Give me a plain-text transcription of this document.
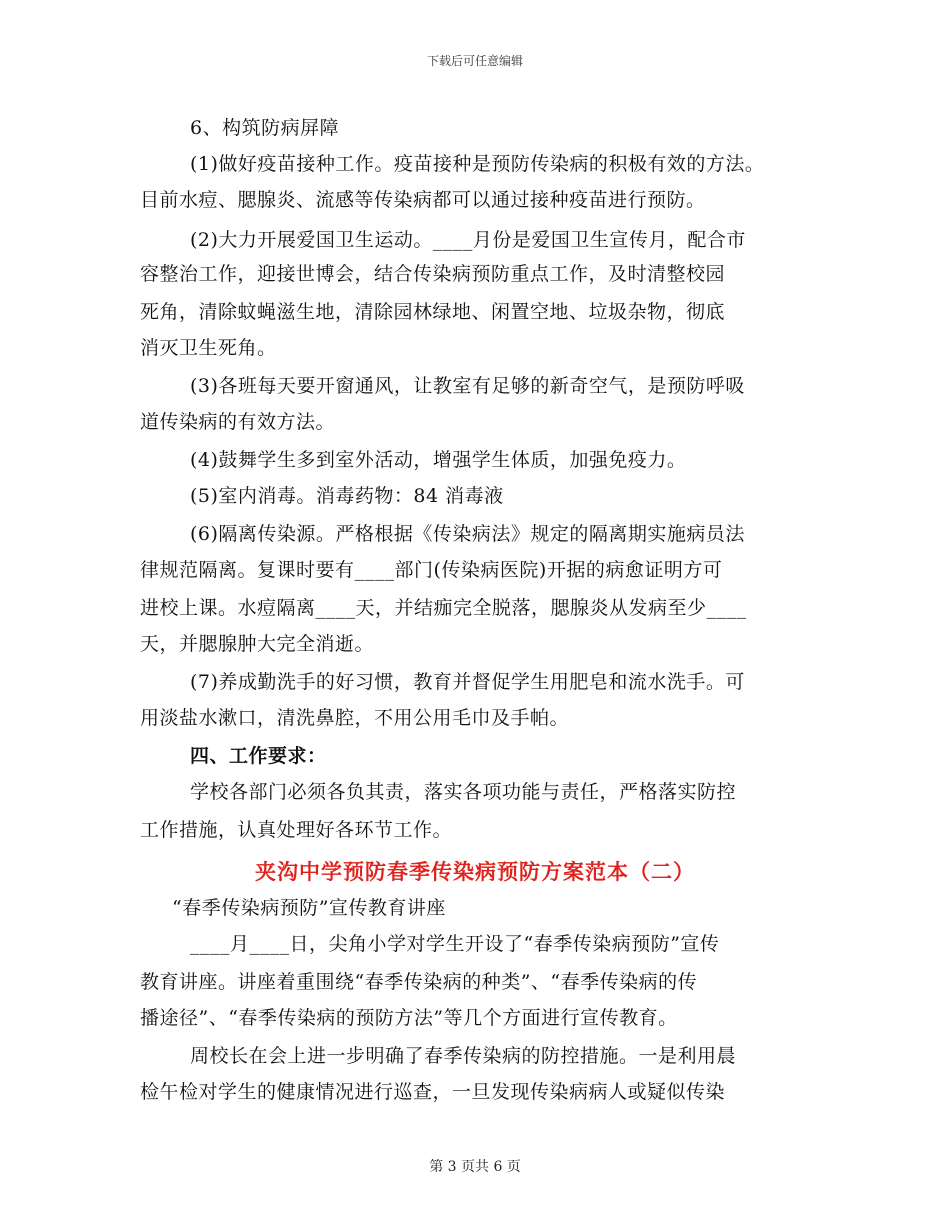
下载后可任意编辑
6、构筑防病屏障
(1)做好疫苗接种工作。疫苗接种是预防传染病的积极有效的方法。
目前水痘、腮腺炎、流感等传染病都可以通过接种疫苗进行预防。
(2)大力开展爱国卫生运动。____月份是爱国卫生宣传月，配合市
容整治工作，迎接世博会，结合传染病预防重点工作，及时清整校园
死角，清除蚊蝇滋生地，清除园林绿地、闲置空地、垃圾杂物，彻底
消灭卫生死角。
(3)各班每天要开窗通风，让教室有足够的新奇空气，是预防呼吸
道传染病的有效方法。
(4)鼓舞学生多到室外活动，增强学生体质，加强免疫力。
(5)室内消毒。消毒药物：84 消毒液
(6)隔离传染源。严格根据《传染病法》规定的隔离期实施病员法
律规范隔离。复课时要有____部门(传染病医院)开据的病愈证明方可
进校上课。水痘隔离____天，并结痂完全脱落，腮腺炎从发病至少____
天，并腮腺肿大完全消逝。
(7)养成勤洗手的好习惯，教育并督促学生用肥皂和流水洗手。可
用淡盐水漱口，清洗鼻腔，不用公用毛巾及手帕。
四、工作要求：
学校各部门必须各负其责，落实各项功能与责任，严格落实防控
工作措施，认真处理好各环节工作。
夹沟中学预防春季传染病预防方案范本（二）
“春季传染病预防”宣传教育讲座
____月____日，尖角小学对学生开设了“春季传染病预防”宣传
教育讲座。讲座着重围绕“春季传染病的种类”、“春季传染病的传
播途径”、“春季传染病的预防方法”等几个方面进行宣传教育。
周校长在会上进一步明确了春季传染病的防控措施。一是利用晨
检午检对学生的健康情况进行巡查，一旦发现传染病病人或疑似传染
第 3 页共 6 页
